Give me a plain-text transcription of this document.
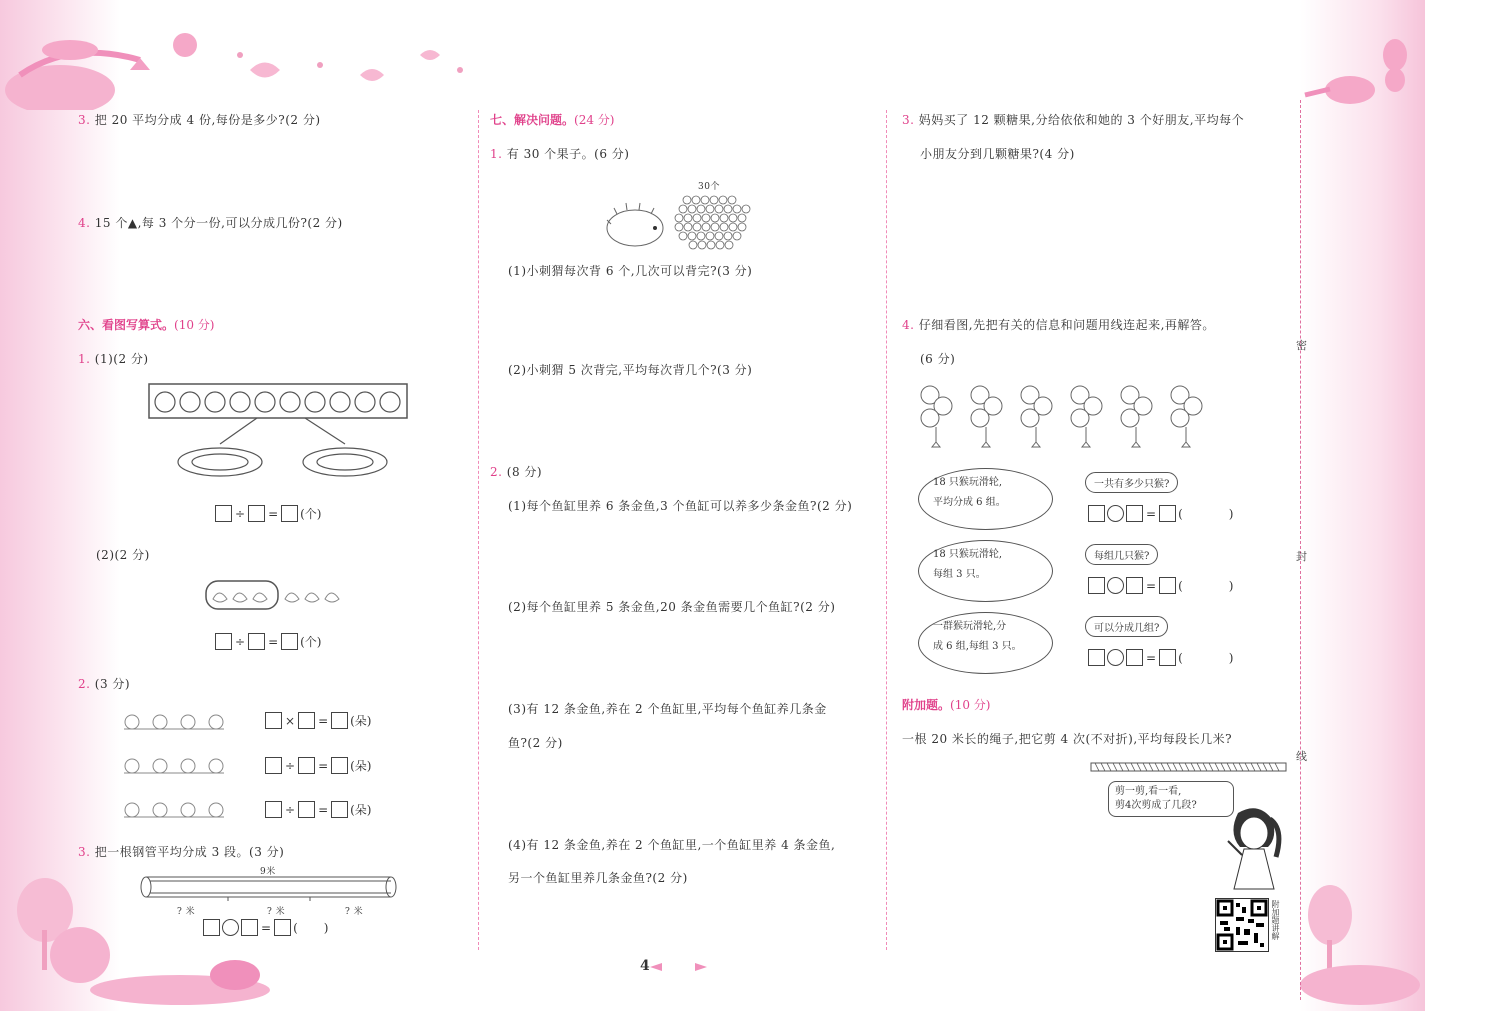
密
封
线
3. 把 20 平均分成 4 份,每份是多少?(2 分)
4. 15 个▲,每 3 个分一份,可以分成几份?(2 分)
六、看图写算式。(10 分)
1. (1)(2 分)
÷ = (个)
(2)(2 分)
÷ = (个)
2. (3 分)
× = (朵)
÷ = (朵)
÷ = (朵)
3. 把一根钢管平均分成 3 段。(3 分)
9米
? 米	? 米	? 米
= ( )
七、解决问题。(24 分)
1. 有 30 个果子。(6 分)
30个
(1)小刺猬每次背 6 个,几次可以背完?(3 分)
(2)小刺猬 5 次背完,平均每次背几个?(3 分)
2. (8 分)
(1)每个鱼缸里养 6 条金鱼,3 个鱼缸可以养多少条金鱼?(2 分)
(2)每个鱼缸里养 5 条金鱼,20 条金鱼需要几个鱼缸?(2 分)
(3)有 12 条金鱼,养在 2 个鱼缸里,平均每个鱼缸养几条金
鱼?(2 分)
(4)有 12 条金鱼,养在 2 个鱼缸里,一个鱼缸里养 4 条金鱼,
另一个鱼缸里养几条金鱼?(2 分)
3. 妈妈买了 12 颗糖果,分给依依和她的 3 个好朋友,平均每个
小朋友分到几颗糖果?(4 分)
4. 仔细看图,先把有关的信息和问题用线连起来,再解答。
(6 分)
18 只猴玩滑轮,
平均分成 6 组。
18 只猴玩滑轮,
每组 3 只。
一群猴玩滑轮,分
成 6 组,每组 3 只。
一共有多少只猴?
每组几只猴?
可以分成几组?
= (	)
= (	)
= (	)
附加题。(10 分)
一根 20 米长的绳子,把它剪 4 次(不对折),平均每段长几米?
剪一剪,看一看,
剪4次剪成了几段?
附加题讲解
4
